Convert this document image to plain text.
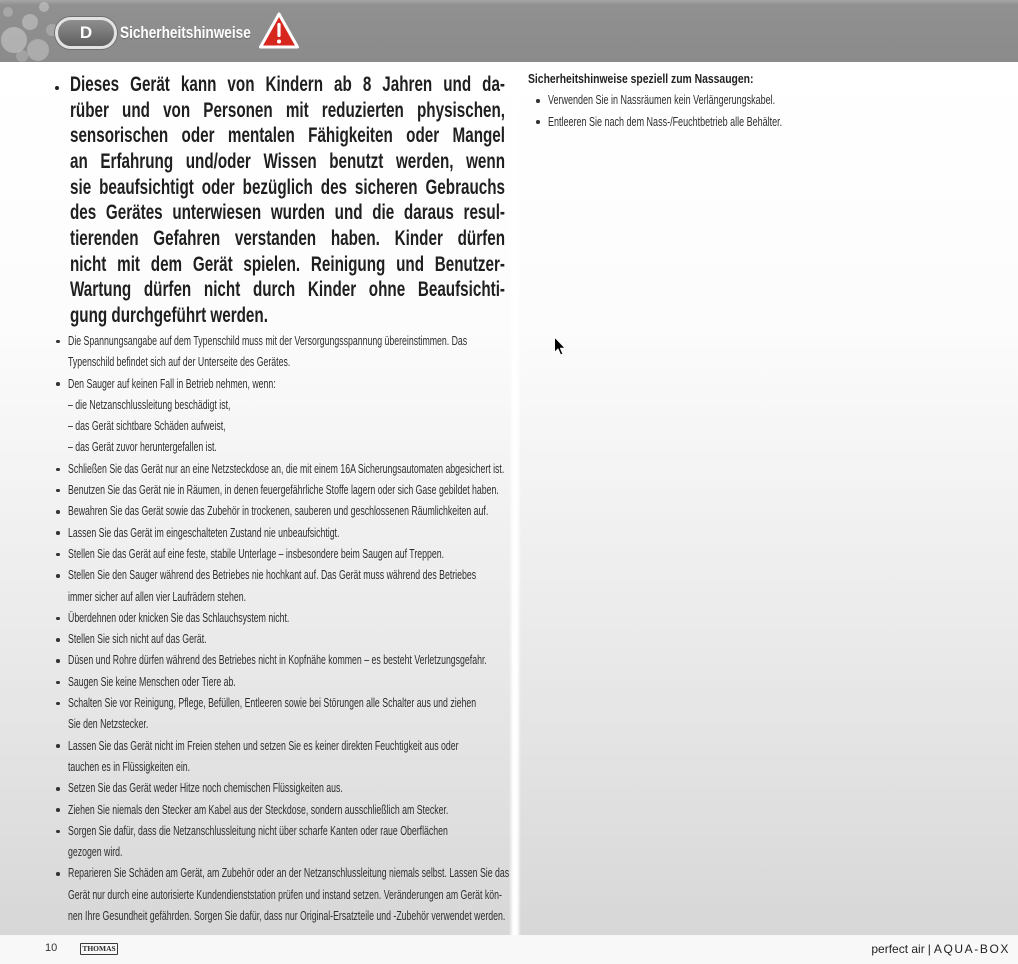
D	Sicherheitshinweise
Dieses Gerät kann von Kindern ab 8 Jahren und da-
rüber und von Personen mit reduzierten physischen,
sensorischen oder mentalen Fähigkeiten oder Mangel
an Erfahrung und/oder Wissen benutzt werden, wenn
sie beaufsichtigt oder bezüglich des sicheren Gebrauchs
des Gerätes unterwiesen wurden und die daraus resul-
tierenden Gefahren verstanden haben. Kinder dürfen
nicht mit dem Gerät spielen. Reinigung und Benutzer-
Wartung dürfen nicht durch Kinder ohne Beaufsichti-
gung durchgeführt werden.
Die Spannungsangabe auf dem Typenschild muss mit der Versorgungsspannung übereinstimmen. Das
Typenschild befindet sich auf der Unterseite des Gerätes.
Den Sauger auf keinen Fall in Betrieb nehmen, wenn:
– die Netzanschlussleitung beschädigt ist,
– das Gerät sichtbare Schäden aufweist,
– das Gerät zuvor heruntergefallen ist.
Schließen Sie das Gerät nur an eine Netzsteckdose an, die mit einem 16A Sicherungsautomaten abgesichert ist.
Benutzen Sie das Gerät nie in Räumen, in denen feuergefährliche Stoffe lagern oder sich Gase gebildet haben.
Bewahren Sie das Gerät sowie das Zubehör in trockenen, sauberen und geschlossenen Räumlichkeiten auf.
Lassen Sie das Gerät im eingeschalteten Zustand nie unbeaufsichtigt.
Stellen Sie das Gerät auf eine feste, stabile Unterlage – insbesondere beim Saugen auf Treppen.
Stellen Sie den Sauger während des Betriebes nie hochkant auf. Das Gerät muss während des Betriebes
immer sicher auf allen vier Laufrädern stehen.
Überdehnen oder knicken Sie das Schlauchsystem nicht.
Stellen Sie sich nicht auf das Gerät.
Düsen und Rohre dürfen während des Betriebes nicht in Kopfnähe kommen – es besteht Verletzungsgefahr.
Saugen Sie keine Menschen oder Tiere ab.
Schalten Sie vor Reinigung, Pflege, Befüllen, Entleeren sowie bei Störungen alle Schalter aus und ziehen
Sie den Netzstecker.
Lassen Sie das Gerät nicht im Freien stehen und setzen Sie es keiner direkten Feuchtigkeit aus oder
tauchen es in Flüssigkeiten ein.
Setzen Sie das Gerät weder Hitze noch chemischen Flüssigkeiten aus.
Ziehen Sie niemals den Stecker am Kabel aus der Steckdose, sondern ausschließlich am Stecker.
Sorgen Sie dafür, dass die Netzanschlussleitung nicht über scharfe Kanten oder raue Oberflächen
gezogen wird.
Reparieren Sie Schäden am Gerät, am Zubehör oder an der Netzanschlussleitung niemals selbst. Lassen Sie das
Gerät nur durch eine autorisierte Kundendienststation prüfen und instand setzen. Veränderungen am Gerät kön-
nen Ihre Gesundheit gefährden. Sorgen Sie dafür, dass nur Original-Ersatzteile und -Zubehör verwendet werden.
Sicherheitshinweise speziell zum Nassaugen:
Verwenden Sie in Nassräumen kein Verlängerungskabel.
Entleeren Sie nach dem Nass-/Feuchtbetrieb alle Behälter.
10	THOMAS	perfect air | AQUA-BOX
